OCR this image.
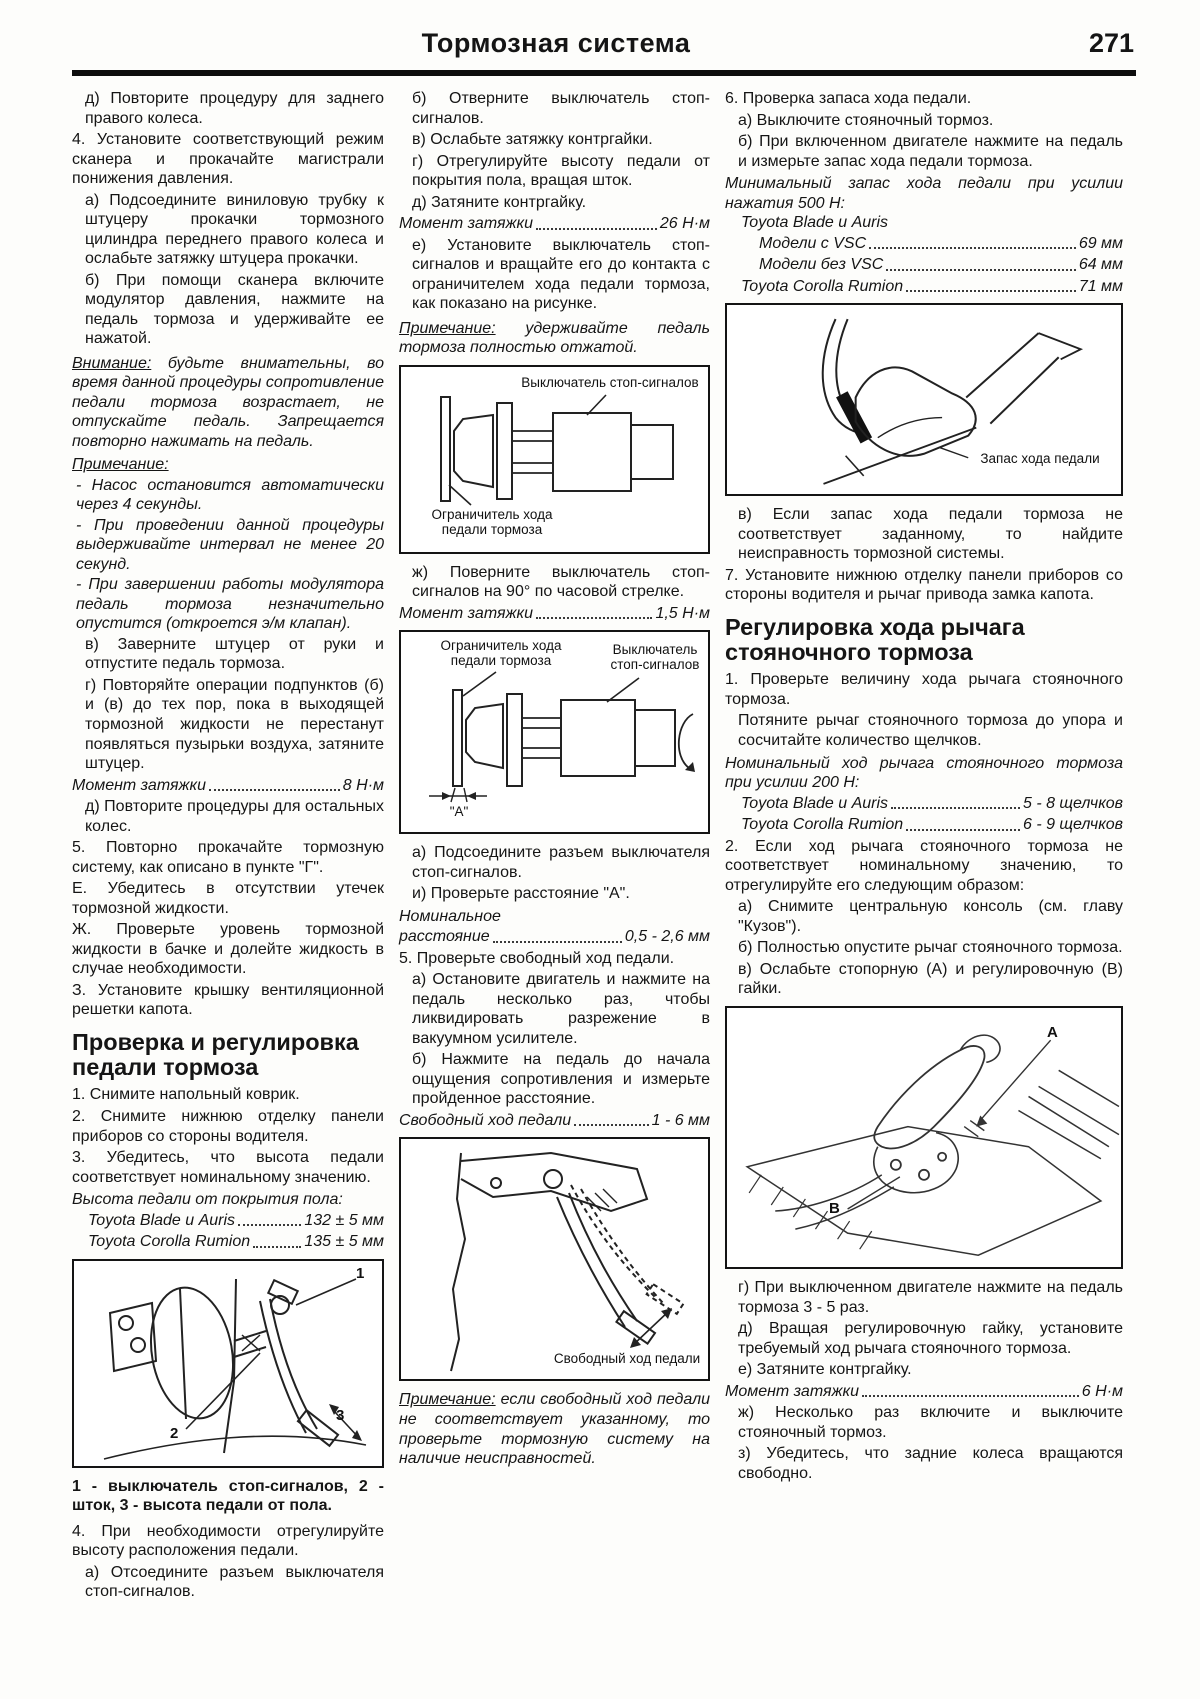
Тормозная система	271

д) Повторите процедуру для заднего правого колеса.

4. Установите соответствующий режим сканера и прокачайте магистрали понижения давления.

а) Подсоедините виниловую трубку к штуцеру прокачки тормозного цилиндра переднего правого колеса и ослабьте затяжку штуцера прокачки.

б) При помощи сканера включите модулятор давления, нажмите на педаль тормоза и удерживайте ее нажатой.

Внимание: будьте внимательны, во время данной процедуры сопротивление педали тормоза возрастает, не отпускайте педаль. Запрещается повторно нажимать на педаль.

Примечание:

- Насос остановится автоматически через 4 секунды.

- При проведении данной процедуры выдерживайте интервал не менее 20 секунд.

- При завершении работы модулятора педаль тормоза незначительно опустится (откроется э/м клапан).

в) Заверните штуцер от руки и отпустите педаль тормоза.

г) Повторяйте операции подпунктов (б) и (в) до тех пор, пока в выходящей тормозной жидкости не перестанут появляться пузырьки воздуха, затяните штуцер.

Момент затяжки	8 Н·м

д) Повторите процедуры для остальных колес.

5. Повторно прокачайте тормозную систему, как описано в пункте "Г".

Е. Убедитесь в отсутствии утечек тормозной жидкости.

Ж. Проверьте уровень тормозной жидкости в бачке и долейте жидкость в случае необходимости.

З. Установите крышку вентиляционной решетки капота.

Проверка и регулировка педали тормоза

1. Снимите напольный коврик.

2. Снимите нижнюю отделку панели приборов со стороны водителя.

3. Убедитесь, что высота педали соответствует номинальному значению.

Высота педали от покрытия пола:

Toyota Blade и Auris	132 ± 5 мм
Toyota Corolla Rumion	135 ± 5 мм
1
2
3

1 - выключатель стоп-сигналов, 2 - шток, 3 - высота педали от пола.

4. При необходимости отрегулируйте высоту расположения педали.

а) Отсоедините разъем выключателя стоп-сигналов.

б) Отверните выключатель стоп-сигналов.

в) Ослабьте затяжку контргайки.

г) Отрегулируйте высоту педали от покрытия пола, вращая шток.

д) Затяните контргайку.

Момент затяжки	26 Н·м

е) Установите выключатель стоп-сигналов и вращайте его до контакта с ограничителем хода педали тормоза, как показано на рисунке.

Примечание: удерживайте педаль тормоза полностью отжатой.

Выключатель стоп-сигналов
Ограничитель хода педали тормоза

ж) Поверните выключатель стоп-сигналов на 90° по часовой стрелке.

Момент затяжки	1,5 Н·м
Ограничитель хода педали тормоза
Выключатель стоп-сигналов
"А"

а) Подсоедините разъем выключателя стоп-сигналов.

и) Проверьте расстояние "А".

Номинальное

расстояние	0,5 - 2,6 мм

5. Проверьте свободный ход педали.

а) Остановите двигатель и нажмите на педаль несколько раз, чтобы ликвидировать разрежение в вакуумном усилителе.

б) Нажмите на педаль до начала ощущения сопротивления и измерьте пройденное расстояние.

Свободный ход педали	1 - 6 мм
Свободный ход педали

Примечание: если свободный ход педали не соответствует указанному, то проверьте тормозную систему на наличие неисправностей.

6. Проверка запаса хода педали.

а) Выключите стояночный тормоз.

б) При включенном двигателе нажмите на педаль и измерьте запас хода педали тормоза.

Минимальный запас хода педали при усилии нажатия 500 Н:

Toyota Blade и Auris

Модели с VSC	69 мм
Модели без VSC	64 мм
Toyota Corolla Rumion	71 мм
Запас хода педали

в) Если запас хода педали тормоза не соответствует заданному, то найдите неисправность тормозной системы.

7. Установите нижнюю отделку панели приборов со стороны водителя и рычаг привода замка капота.

Регулировка хода рычага стояночного тормоза

1. Проверьте величину хода рычага стояночного тормоза.

Потяните рычаг стояночного тормоза до упора и сосчитайте количество щелчков.

Номинальный ход рычага стояночного тормоза при усилии 200 Н:

Toyota Blade и Auris	5 - 8 щелчков
Toyota Corolla Rumion	6 - 9 щелчков

2. Если ход рычага стояночного тормоза не соответствует номинальному значению, то отрегулируйте его следующим образом:

а) Снимите центральную консоль (см. главу "Кузов").

б) Полностью опустите рычаг стояночного тормоза.

в) Ослабьте стопорную (А) и регулировочную (В) гайки.

А
В

г) При выключенном двигателе нажмите на педаль тормоза 3 - 5 раз.

д) Вращая регулировочную гайку, установите требуемый ход рычага стояночного тормоза.

е) Затяните контргайку.

Момент затяжки	6 Н·м

ж) Несколько раз включите и выключите стояночный тормоз.

з) Убедитесь, что задние колеса вращаются свободно.
